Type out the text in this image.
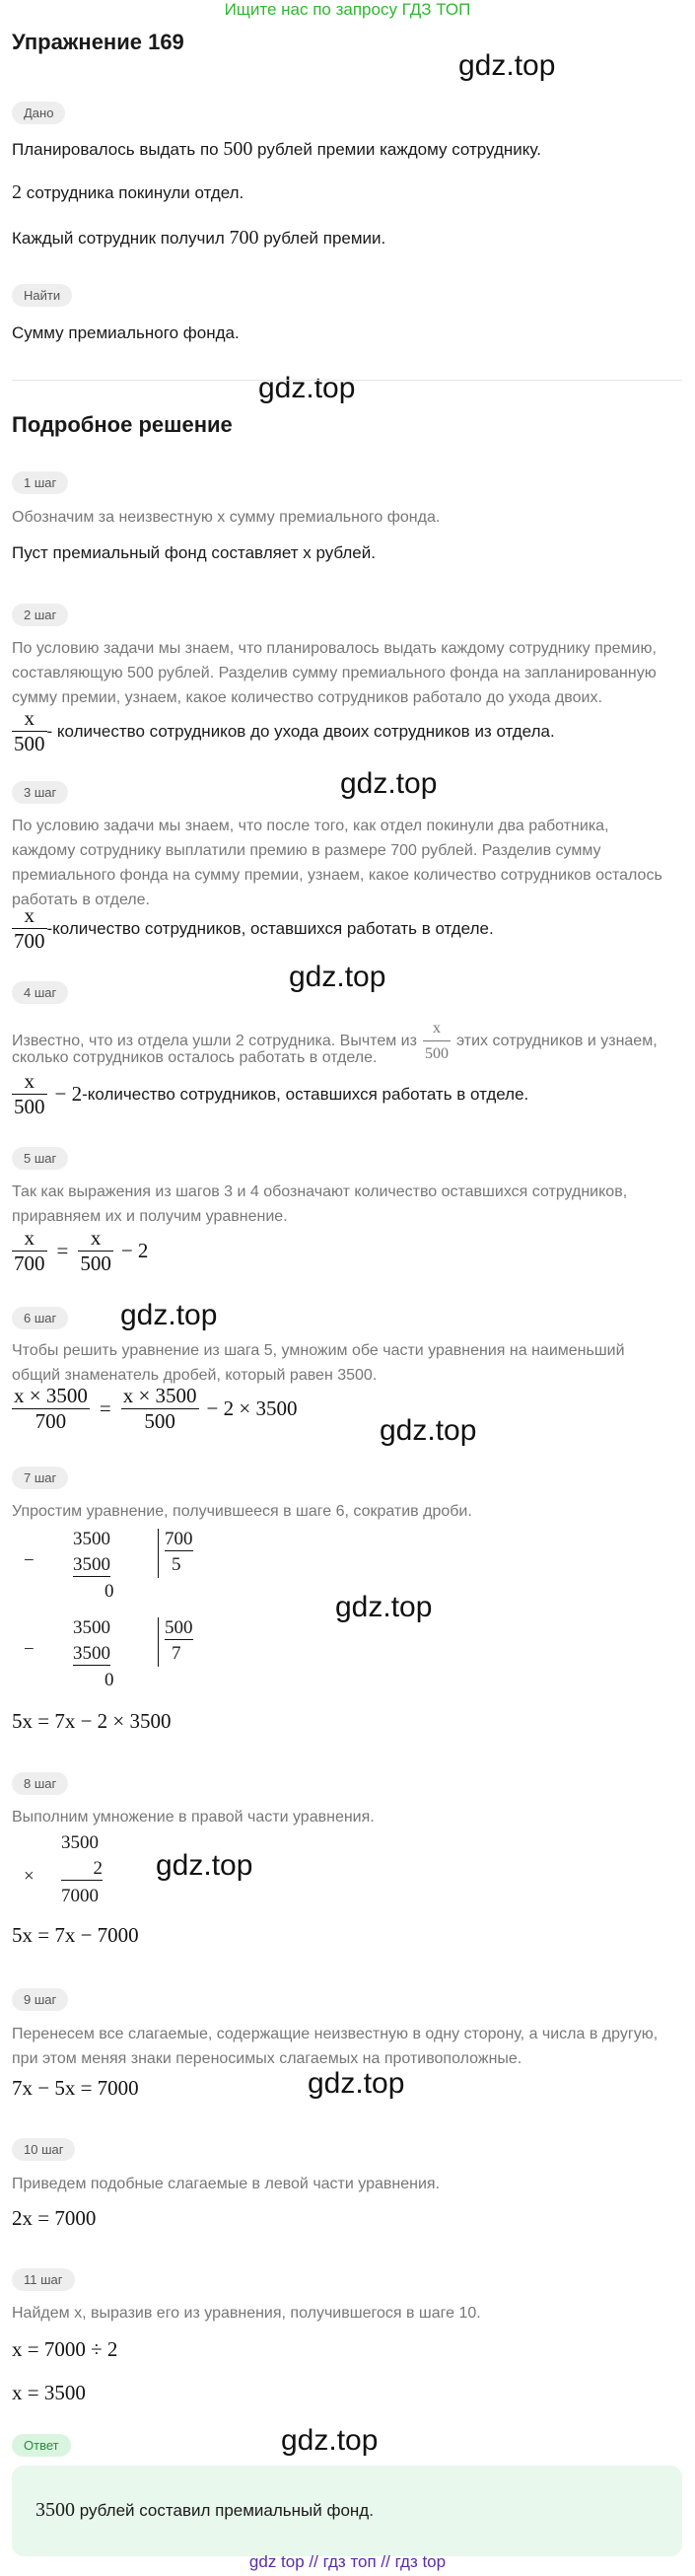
Ищите нас по запросу ГДЗ ТОП
Упражнение 169
gdz.top
gdz.top
gdz.top
gdz.top
gdz.top
gdz.top
gdz.top
gdz.top
gdz.top
gdz.top
Дано
Планировалось выдать по 500 рублей премии каждому сотруднику.
2 сотрудника покинули отдел.
Каждый сотрудник получил 700 рублей премии.
Найти
Сумму премиального фонда.
Подробное решение
1 шаг
Обозначим за неизвестную x сумму премиального фонда.
Пуст премиальный фонд составляет x рублей.
2 шаг
По условию задачи мы знаем, что планировалось выдать каждому сотруднику премию,
составляющую 500 рублей. Разделив сумму премиального фонда на запланированную
сумму премии, узнаем, какое количество сотрудников работало до ухода двоих.
$\frac{x}{500}$ - количество сотрудников до ухода двоих сотрудников из отдела.
3 шаг
По условию задачи мы знаем, что после того, как отдел покинули два работника,
каждому сотруднику выплатили премию в размере 700 рублей. Разделив сумму
премиального фонда на сумму премии, узнаем, какое количество сотрудников осталось
работать в отделе.
$\frac{x}{700}$ -количество сотрудников, оставшихся работать в отделе.
4 шаг
Известно, что из отдела ушли 2 сотрудника. Вычтем из $\frac{x}{500}$ этих сотрудников и узнаем,
сколько сотрудников осталось работать в отделе.
$\frac{x}{500} - 2$ -количество сотрудников, оставшихся работать в отделе.
5 шаг
Так как выражения из шагов 3 и 4 обозначают количество оставшихся сотрудников,
приравняем их и получим уравнение.
$\frac{x}{700} = \frac{x}{500} - 2$
6 шаг
Чтобы решить уравнение из шага 5, умножим обе части уравнения на наименьший
общий знаменатель дробей, который равен 3500.
$\frac{x \times 3500}{700} = \frac{x \times 3500}{500} - 2 \times 3500$
7 шаг
Упростим уравнение, получившееся в шаге 6, сократив дроби.
−
3500
3500
0
700
5
−
3500
3500
0
500
7
5x = 7x − 2 × 3500
8 шаг
Выполним умножение в правой части уравнения.
×
3500
2
7000
5x = 7x − 7000
9 шаг
Перенесем все слагаемые, содержащие неизвестную в одну сторону, а числа в другую,
при этом меняя знаки переносимых слагаемых на противоположные.
7x − 5x = 7000
10 шаг
Приведем подобные слагаемые в левой части уравнения.
2x = 7000
11 шаг
Найдем x, выразив его из уравнения, получившегося в шаге 10.
x = 7000 ÷ 2
x = 3500
Ответ
3500 рублей составил премиальный фонд.
gdz top // гдз топ // гдз top
